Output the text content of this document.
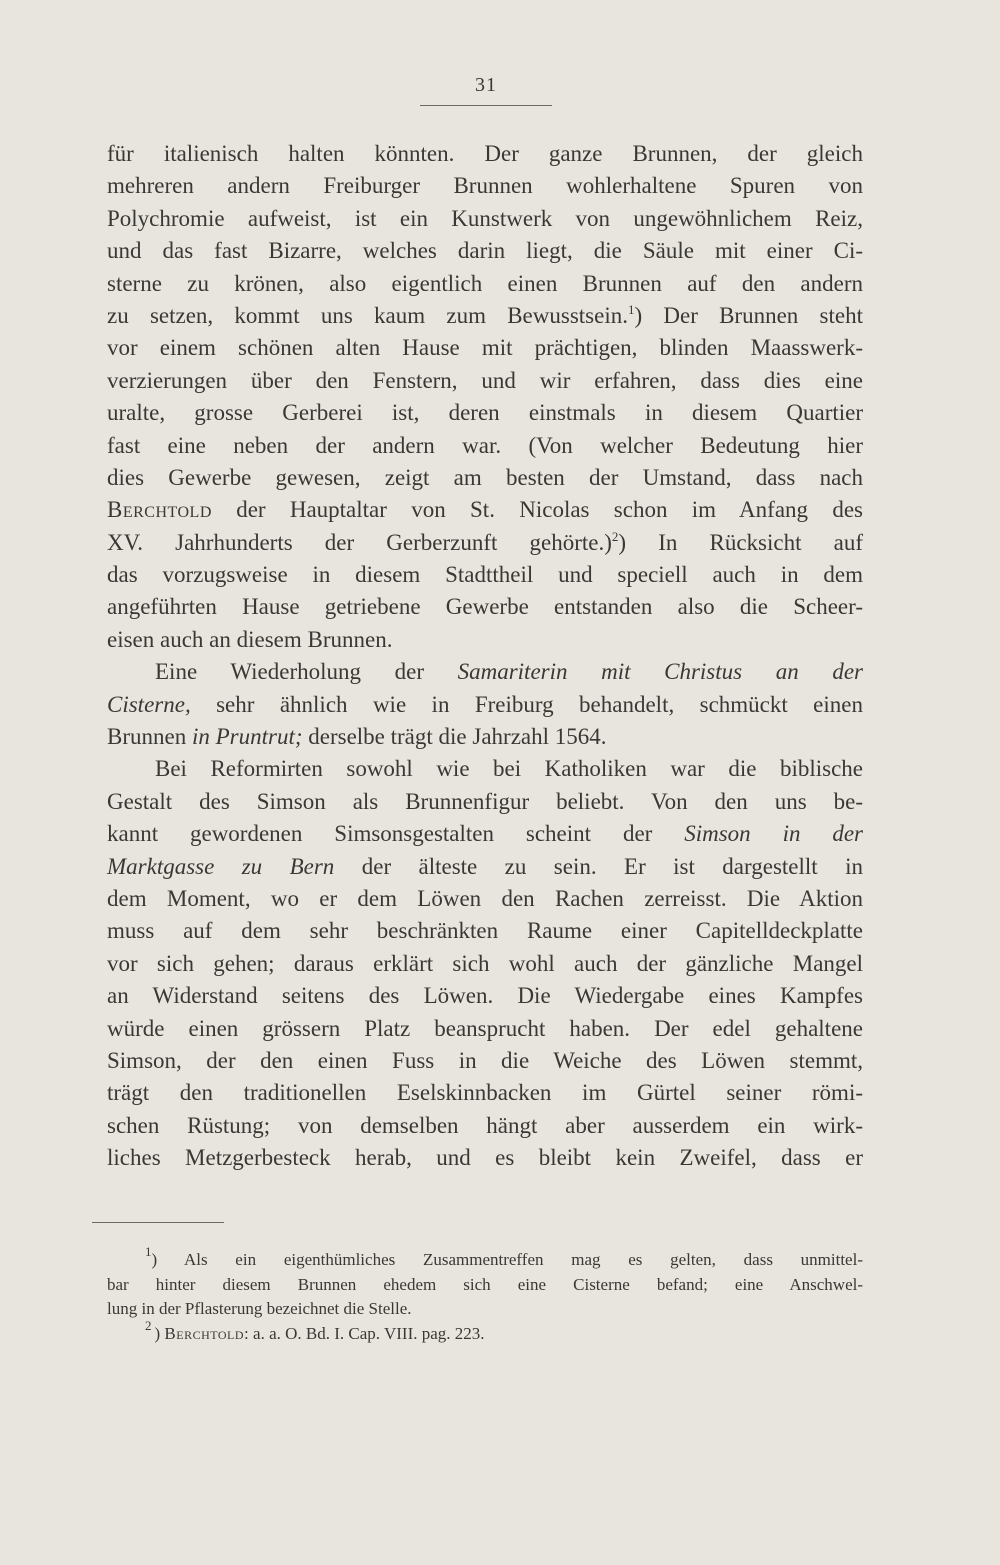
31
für italienisch halten könnten. Der ganze Brunnen, der gleich
mehreren andern Freiburger Brunnen wohlerhaltene Spuren von
Polychromie aufweist, ist ein Kunstwerk von ungewöhnlichem Reiz,
und das fast Bizarre, welches darin liegt, die Säule mit einer Ci-
sterne zu krönen, also eigentlich einen Brunnen auf den andern
zu setzen, kommt uns kaum zum Bewusstsein.$^1$) Der Brunnen steht
vor einem schönen alten Hause mit prächtigen, blinden Maasswerk-
verzierungen über den Fenstern, und wir erfahren, dass dies eine
uralte, grosse Gerberei ist, deren einstmals in diesem Quartier
fast eine neben der andern war. (Von welcher Bedeutung hier
dies Gewerbe gewesen, zeigt am besten der Umstand, dass nach
Berchtold der Hauptaltar von St. Nicolas schon im Anfang des
XV. Jahrhunderts der Gerberzunft gehörte.)$^2$) In Rücksicht auf
das vorzugsweise in diesem Stadttheil und speciell auch in dem
angeführten Hause getriebene Gewerbe entstanden also die Scheer-
eisen auch an diesem Brunnen.
Eine Wiederholung der Samariterin mit Christus an der
Cisterne, sehr ähnlich wie in Freiburg behandelt, schmückt einen
Brunnen in Pruntrut; derselbe trägt die Jahrzahl 1564.
Bei Reformirten sowohl wie bei Katholiken war die biblische
Gestalt des Simson als Brunnenfigur beliebt. Von den uns be-
kannt gewordenen Simsonsgestalten scheint der Simson in der
Marktgasse zu Bern der älteste zu sein. Er ist dargestellt in
dem Moment, wo er dem Löwen den Rachen zerreisst. Die Aktion
muss auf dem sehr beschränkten Raume einer Capitelldeckplatte
vor sich gehen; daraus erklärt sich wohl auch der gänzliche Mangel
an Widerstand seitens des Löwen. Die Wiedergabe eines Kampfes
würde einen grössern Platz beansprucht haben. Der edel gehaltene
Simson, der den einen Fuss in die Weiche des Löwen stemmt,
trägt den traditionellen Eselskinnbacken im Gürtel seiner römi-
schen Rüstung; von demselben hängt aber ausserdem ein wirk-
liches Metzgerbesteck herab, und es bleibt kein Zweifel, dass er
$^1$) Als ein eigenthümliches Zusammentreffen mag es gelten, dass unmittel-
bar hinter diesem Brunnen ehedem sich eine Cisterne befand; eine Anschwel-
lung in der Pflasterung bezeichnet die Stelle.
$^2$ ) Berchtold: a. a. O. Bd. I. Cap. VIII. pag. 223.
